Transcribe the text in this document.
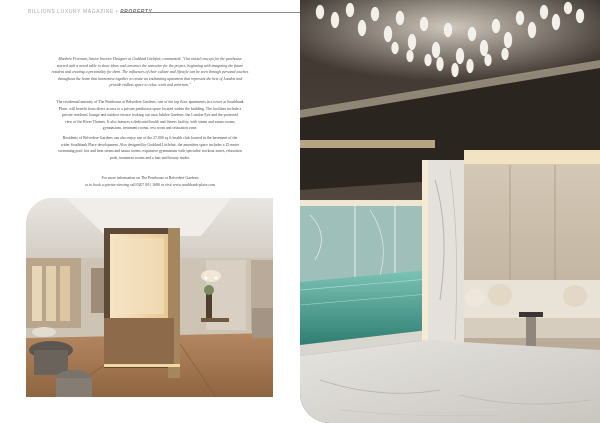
BILLIONS LUXURY MAGAZINE • PROPERTY

Matthew Freeman, Senior Interior Designer at Goddard Littlefair, commented: "Our initial concept for the penthouse
started with a mood table to show ideas and construct the narrative for the project, beginning with imagining the future
resident and creating a personality for them. The influences of their culture and lifestyle can be seen through personal touches
throughout the home that harmonise together to create an enchanting apartment that represent the best of London and
provide endless space to relax, work and entertain."

The residential amenity of The Penthouse at Belvedere Gardens, one of the top floor apartments in a tower at Southbank
Place, will benefit from direct access to a private penthouse space located within the building. The facilities include a
private residents' lounge and outdoor terrace looking out onto Jubilee Gardens, the London Eye and the protected
view of the River Thames. It also features a dedicated health and fitness facility, with steam and sauna rooms,
gymnasium, treatment rooms, rest room and relaxation zone.

Residents of Belvedere Gardens can also enjoy use of the 27,000 sq ft health club located in the basement of the
wider Southbank Place development. Also designed by Goddard Littlefair, the amenities space includes a 25 metre
swimming pool, hot and heat steam and sauna rooms, expansive gymnasium with specialist workout zones, relaxation
pods, treatment rooms and a hair and beauty studio.

For more information on The Penthouse at Belvedere Gardens
or to book a private viewing call 0207 001 1680 or visit www.southbank-place.com
